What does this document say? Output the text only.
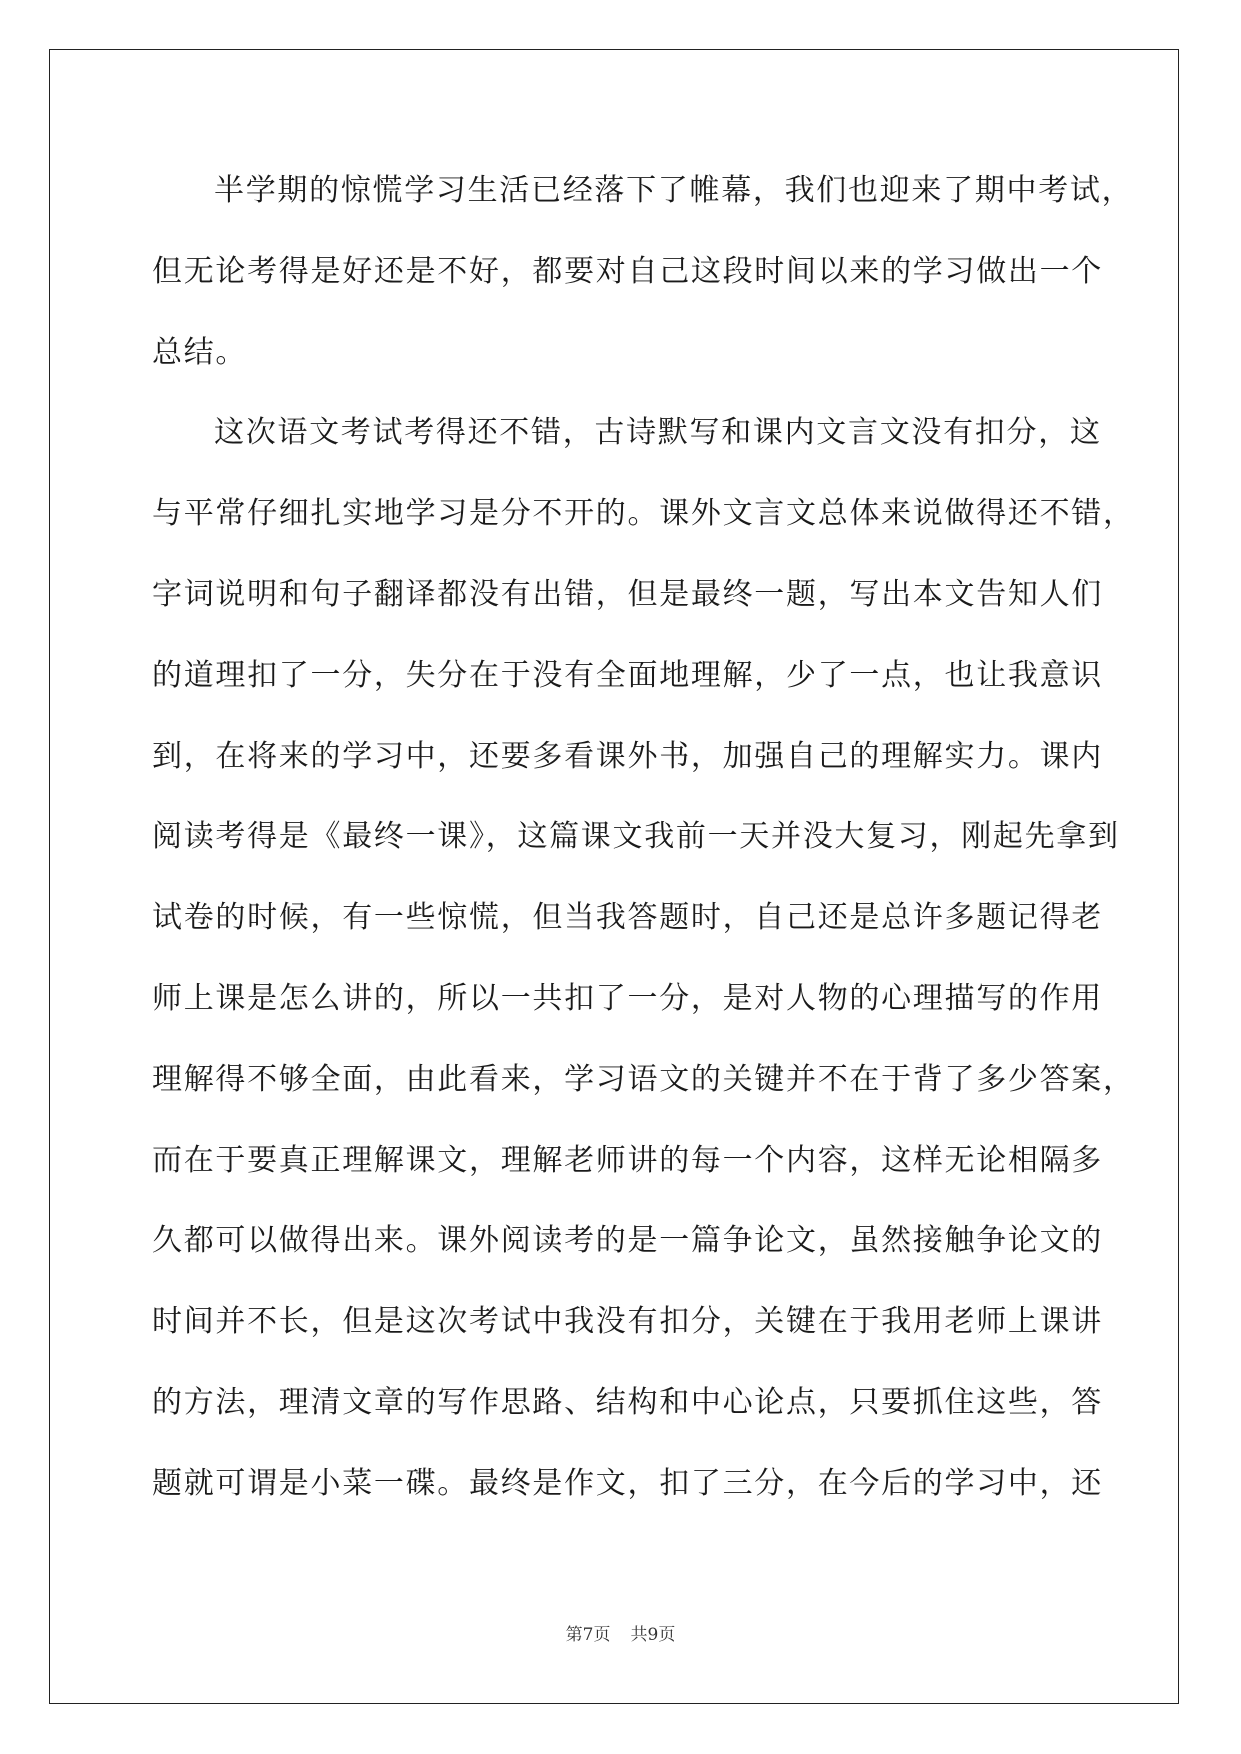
半学期的惊慌学习生活已经落下了帷幕，我们也迎来了期中考试，
但无论考得是好还是不好，都要对自己这段时间以来的学习做出一个
总结。
这次语文考试考得还不错，古诗默写和课内文言文没有扣分，这
与平常仔细扎实地学习是分不开的。课外文言文总体来说做得还不错，
字词说明和句子翻译都没有出错，但是最终一题，写出本文告知人们
的道理扣了一分，失分在于没有全面地理解，少了一点，也让我意识
到，在将来的学习中，还要多看课外书，加强自己的理解实力。课内
阅读考得是《最终一课》，这篇课文我前一天并没大复习，刚起先拿到
试卷的时候，有一些惊慌，但当我答题时，自己还是总许多题记得老
师上课是怎么讲的，所以一共扣了一分，是对人物的心理描写的作用
理解得不够全面，由此看来，学习语文的关键并不在于背了多少答案，
而在于要真正理解课文，理解老师讲的每一个内容，这样无论相隔多
久都可以做得出来。课外阅读考的是一篇争论文，虽然接触争论文的
时间并不长，但是这次考试中我没有扣分，关键在于我用老师上课讲
的方法，理清文章的写作思路、结构和中心论点，只要抓住这些，答
题就可谓是小菜一碟。最终是作文，扣了三分，在今后的学习中，还
第7页 共9页
